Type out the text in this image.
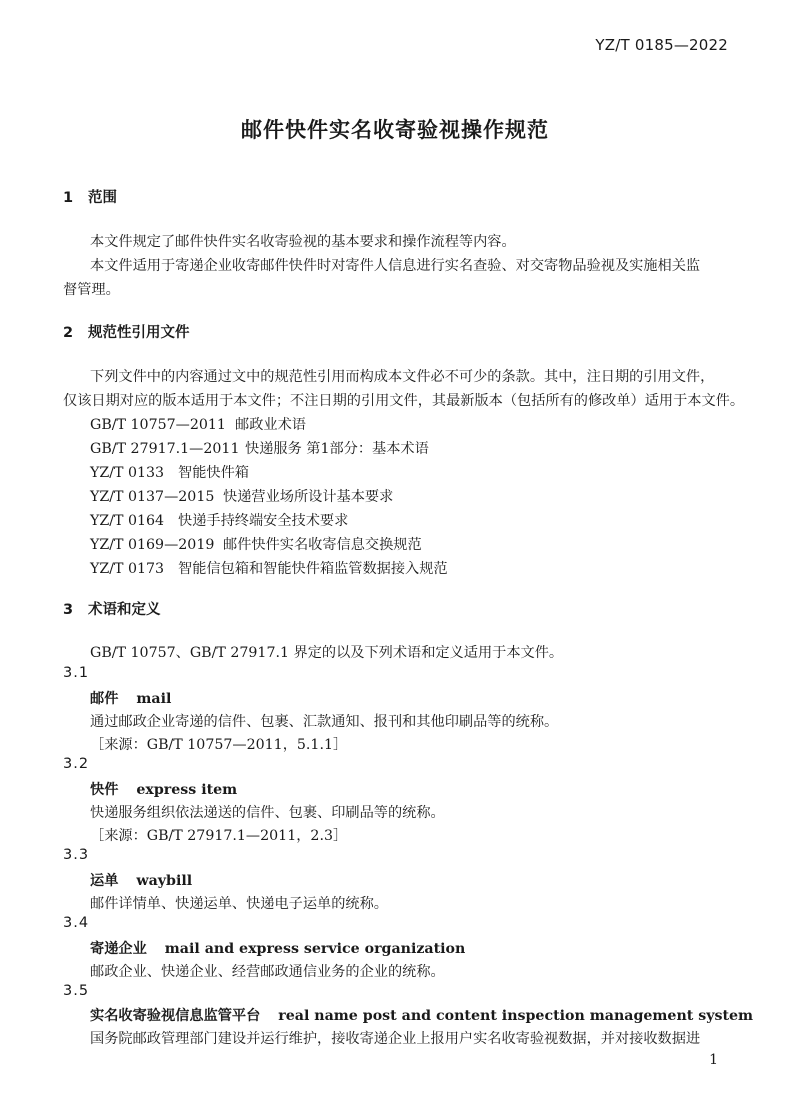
YZ/T 0185—2022
邮件快件实名收寄验视操作规范
1 范围
本文件规定了邮件快件实名收寄验视的基本要求和操作流程等内容。
本文件适用于寄递企业收寄邮件快件时对寄件人信息进行实名查验、对交寄物品验视及实施相关监
督管理。
2 规范性引用文件
下列文件中的内容通过文中的规范性引用而构成本文件必不可少的条款。其中，注日期的引用文件，
仅该日期对应的版本适用于本文件；不注日期的引用文件，其最新版本（包括所有的修改单）适用于本文件。
GB/T 10757—2011 邮政业术语
GB/T 27917.1—2011 快递服务 第1部分：基本术语
YZ/T 0133 智能快件箱
YZ/T 0137—2015 快递营业场所设计基本要求
YZ/T 0164 快递手持终端安全技术要求
YZ/T 0169—2019 邮件快件实名收寄信息交换规范
YZ/T 0173 智能信包箱和智能快件箱监管数据接入规范
3 术语和定义
GB/T 10757、GB/T 27917.1 界定的以及下列术语和定义适用于本文件。
3.1
邮件 mail
通过邮政企业寄递的信件、包裹、汇款通知、报刊和其他印刷品等的统称。
［来源：GB/T 10757—2011，5.1.1］
3.2
快件 express item
快递服务组织依法递送的信件、包裹、印刷品等的统称。
［来源：GB/T 27917.1—2011，2.3］
3.3
运单 waybill
邮件详情单、快递运单、快递电子运单的统称。
3.4
寄递企业 mail and express service organization
邮政企业、快递企业、经营邮政通信业务的企业的统称。
3.5
实名收寄验视信息监管平台 real name post and content inspection management system
国务院邮政管理部门建设并运行维护，接收寄递企业上报用户实名收寄验视数据，并对接收数据进
1
